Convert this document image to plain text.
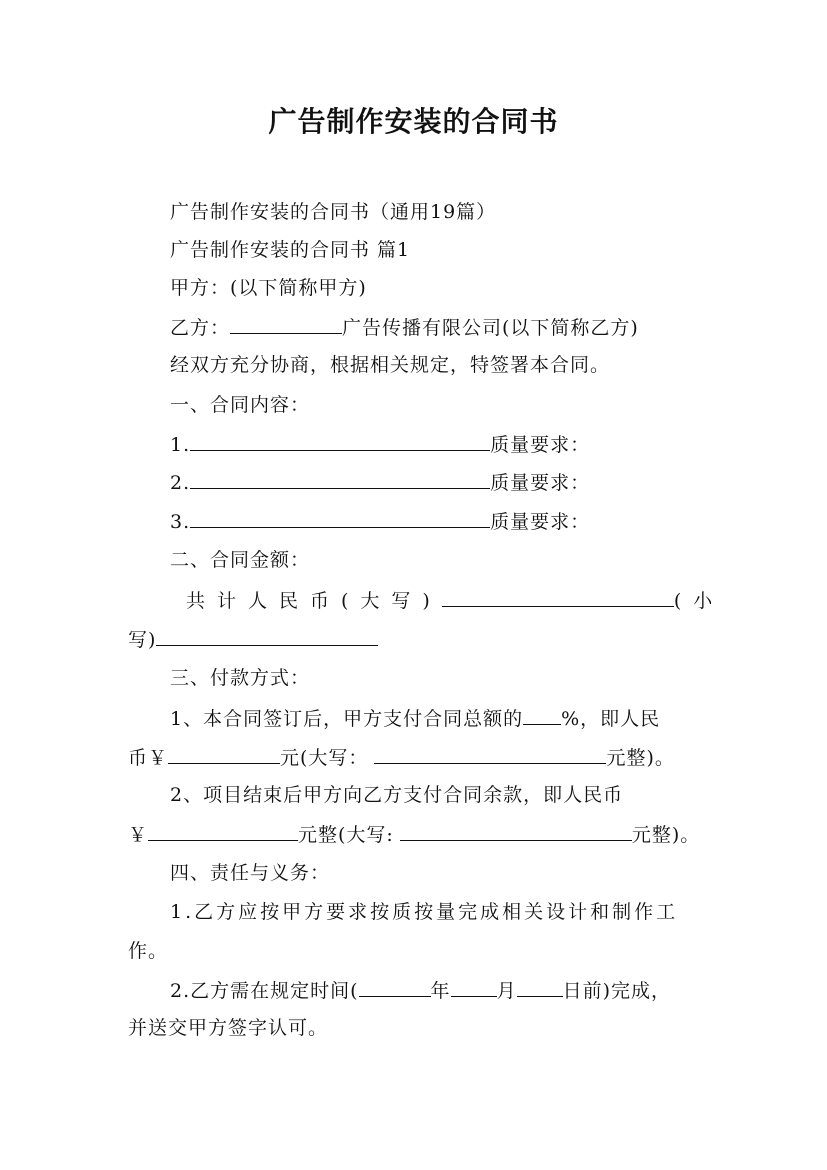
广告制作安装的合同书
广告制作安装的合同书（通用19篇）
广告制作安装的合同书 篇1
甲方：(以下简称甲方)
乙方：	广告传播有限公司(以下简称乙方)
经双方充分协商，根据相关规定，特签署本合同。
一、合同内容：
1.	质量要求：
2.	质量要求：
3.	质量要求：
二、合同金额：
共计人民币(大写)	(小
写)
三、付款方式：
1、本合同签订后，甲方支付合同总额的 %，即人民
币￥	元(大写：	元整)。
2、项目结束后甲方向乙方支付合同余款，即人民币
￥	元整(大写:	元整)。
四、责任与义务：
1.乙方应按甲方要求按质按量完成相关设计和制作工
作。
2.乙方需在规定时间(	年 月 日前)完成，
并送交甲方签字认可。
